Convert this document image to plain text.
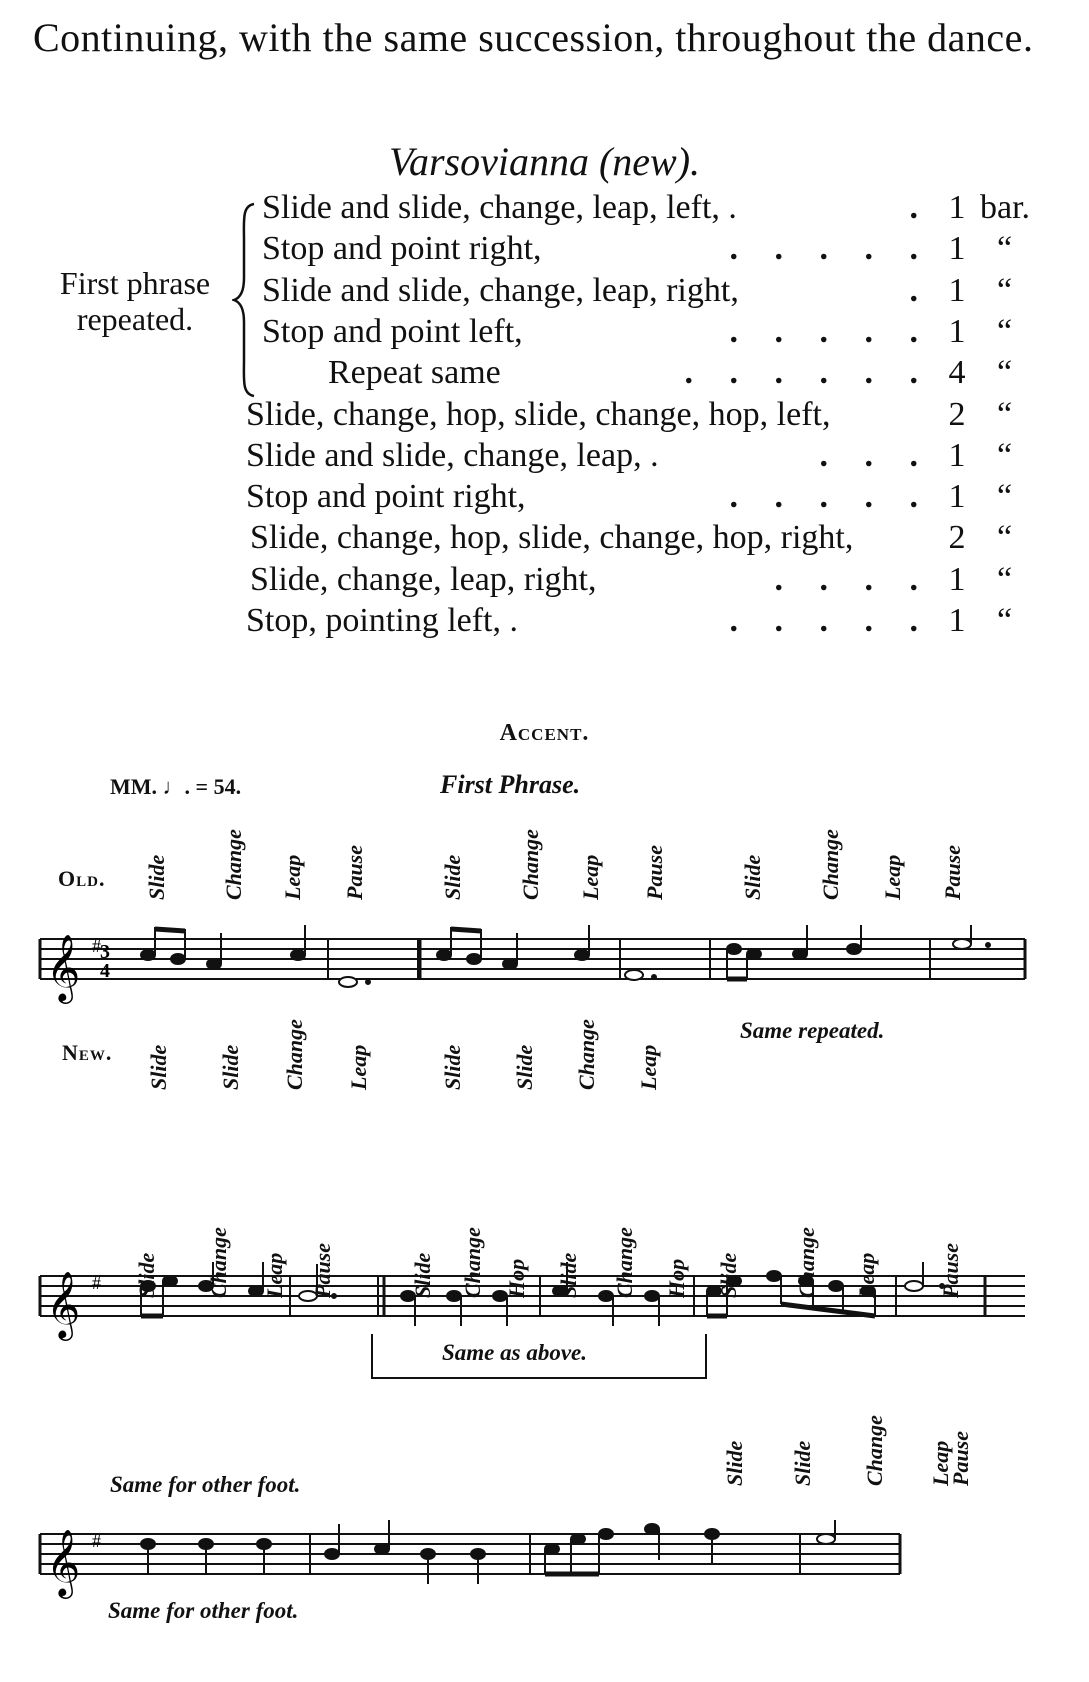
Continuing, with the same succession, throughout the dance.
Varsovianna (new).
First phrase
repeated.
Slide and slide, change, leap, left, .	. 1 bar.
Stop and point right,	. . . . . 1 “
Slide and slide, change, leap, right,	. 1 “
Stop and point left,	. . . . . 1 “
Repeat same	. . . . . . 4 “
Slide, change, hop, slide, change, hop, left,	2 “
Slide and slide, change, leap, .	. . . 1 “
Stop and point right,	. . . . . 1 “
Slide, change, hop, slide, change, hop, right,	2 “
Slide, change, leap, right,	. . . . 1 “
Stop, pointing left, .	. . . . . 1 “
Accent.
MM. ♩. = 54.	First Phrase.
Old.
New.
Same repeated.
Slide Change Leap Pause	Slide Change Leap Pause	Slide Change Leap Pause
Slide Slide Change Leap	Slide Slide Change Leap
𝄞 # 3
4
𝄞 #
Same as above.
Slide Change Leap Pause	Slide Change Hop Slide Change Hop Slide Change Leap	Pause
Slide Slide Change Leap
Pause
Same for other foot.
Same for other foot.
𝄞 #
